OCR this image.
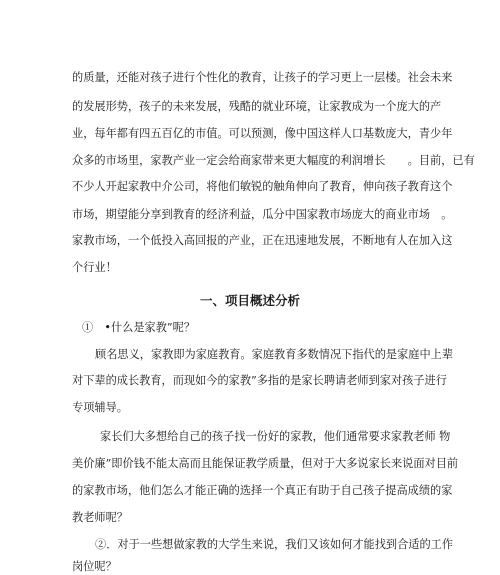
的质量，还能对孩子进行个性化的教育，让孩子的学习更上一层楼。社会未来
的发展形势，孩子的未来发展，残酷的就业环境，让家教成为一个庞大的产
业，每年都有四五百亿的市值。可以预测，像中国这样人口基数庞大，青少年
众多的市场里，家教产业一定会给商家带来更大幅度的利润增长　　。目前，已有
不少人开起家教中介公司，将他们敏锐的触角伸向了教育，伸向孩子教育这个
市场，期望能分享到教育的经济利益，瓜分中国家教市场庞大的商业市场　。
家教市场，一个低投入高回报的产业，正在迅速地发展，不断地有人在加入这
个行业！
一、项目概述分析
①　•什么是家教”呢？
顾名思义，家教即为家庭教育。家庭教育多数情况下指代的是家庭中上辈
对下辈的成长教育，而现如今的家教”多指的是家长聘请老师到家对孩子进行
专项辅导。
家长们大多想给自己的孩子找一份好的家教，他们通常要求家教老师 物
美价廉”即价钱不能太高而且能保证教学质量，但对于大多说家长来说面对目前
的家教市场，他们怎么才能正确的选择一个真正有助于自己孩子提高成绩的家
教老师呢？
②．对于一些想做家教的大学生来说，我们又该如何才能找到合适的工作
岗位呢？
